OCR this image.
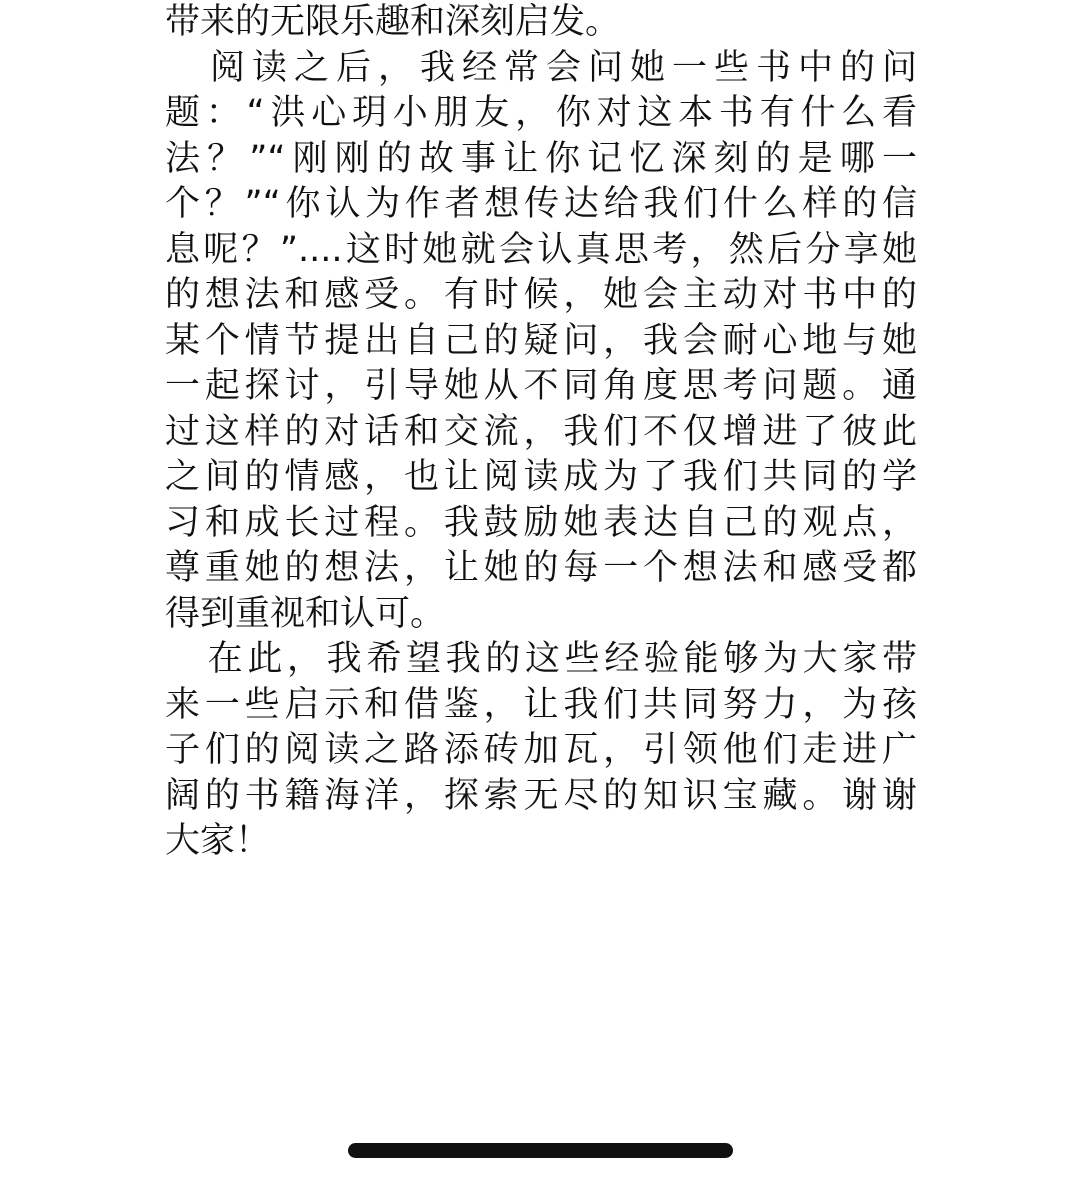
带来的无限乐趣和深刻启发。
阅读之后，我经常会问她一些书中的问
题：“洪心玥小朋友，你对这本书有什么看
法？”“刚刚的故事让你记忆深刻的是哪一
个？”“你认为作者想传达给我们什么样的信
息呢？”....这时她就会认真思考，然后分享她
的想法和感受。有时候，她会主动对书中的
某个情节提出自己的疑问，我会耐心地与她
一起探讨，引导她从不同角度思考问题。通
过这样的对话和交流，我们不仅增进了彼此
之间的情感，也让阅读成为了我们共同的学
习和成长过程。我鼓励她表达自己的观点，
尊重她的想法，让她的每一个想法和感受都
得到重视和认可。
在此，我希望我的这些经验能够为大家带
来一些启示和借鉴，让我们共同努力，为孩
子们的阅读之路添砖加瓦，引领他们走进广
阔的书籍海洋，探索无尽的知识宝藏。谢谢
大家！
